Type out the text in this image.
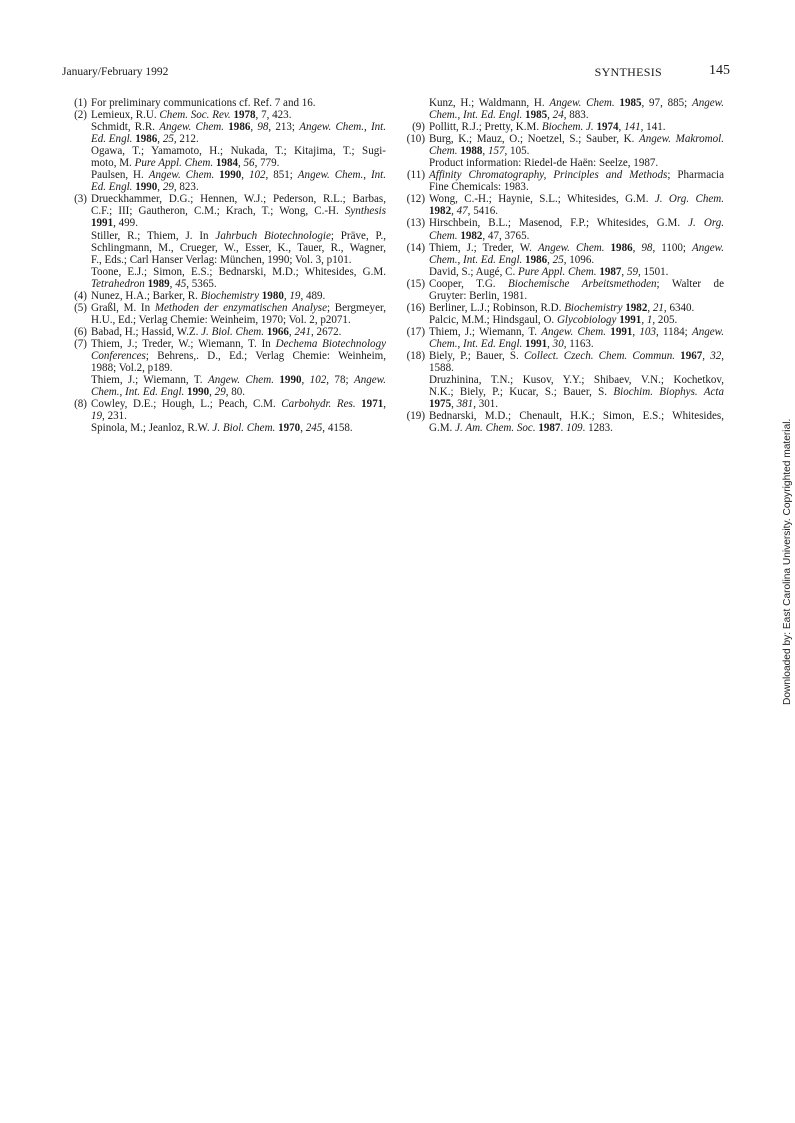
January/February 1992	SYNTHESIS	145
(1) For preliminary communications cf. Ref. 7 and 16.
(2) Lemieux, R.U. Chem. Soc. Rev. 1978, 7, 423.
Schmidt, R.R. Angew. Chem. 1986, 98, 213; Angew. Chem., Int.
Ed. Engl. 1986, 25, 212.
Ogawa, T.; Yamamoto, H.; Nukada, T.; Kitajima, T.; Sugi-
moto, M. Pure Appl. Chem. 1984, 56, 779.
Paulsen, H. Angew. Chem. 1990, 102, 851; Angew. Chem., Int.
Ed. Engl. 1990, 29, 823.
(3) Drueckhammer, D.G.; Hennen, W.J.; Pederson, R.L.; Barbas,
C.F.; III; Gautheron, C.M.; Krach, T.; Wong, C.-H. Synthesis
1991, 499.
Stiller, R.; Thiem, J. In Jahrbuch Biotechnologie; Präve, P.,
Schlingmann, M., Crueger, W., Esser, K., Tauer, R., Wagner,
F., Eds.; Carl Hanser Verlag: München, 1990; Vol. 3, p101.
Toone, E.J.; Simon, E.S.; Bednarski, M.D.; Whitesides, G.M.
Tetrahedron 1989, 45, 5365.
(4) Nunez, H.A.; Barker, R. Biochemistry 1980, 19, 489.
(5) Graßl, M. In Methoden der enzymatischen Analyse; Bergmeyer,
H.U., Ed.; Verlag Chemie: Weinheim, 1970; Vol. 2, p2071.
(6) Babad, H.; Hassid, W.Z. J. Biol. Chem. 1966, 241, 2672.
(7) Thiem, J.; Treder, W.; Wiemann, T. In Dechema Biotechnology
Conferences; Behrens,. D., Ed.; Verlag Chemie: Weinheim,
1988; Vol.2, p189.
Thiem, J.; Wiemann, T. Angew. Chem. 1990, 102, 78; Angew.
Chem., Int. Ed. Engl. 1990, 29, 80.
(8) Cowley, D.E.; Hough, L.; Peach, C.M. Carbohydr. Res. 1971,
19, 231.
Spinola, M.; Jeanloz, R.W. J. Biol. Chem. 1970, 245, 4158.
Kunz, H.; Waldmann, H. Angew. Chem. 1985, 97, 885; Angew.
Chem., Int. Ed. Engl. 1985, 24, 883.
(9) Pollitt, R.J.; Pretty, K.M. Biochem. J. 1974, 141, 141.
(10) Burg, K.; Mauz, O.; Noetzel, S.; Sauber, K. Angew. Makromol.
Chem. 1988, 157, 105.
Product information: Riedel-de Haën: Seelze, 1987.
(11) Affinity Chromatography, Principles and Methods; Pharmacia
Fine Chemicals: 1983.
(12) Wong, C.-H.; Haynie, S.L.; Whitesides, G.M. J. Org. Chem.
1982, 47, 5416.
(13) Hirschbein, B.L.; Masenod, F.P.; Whitesides, G.M. J. Org.
Chem. 1982, 47, 3765.
(14) Thiem, J.; Treder, W. Angew. Chem. 1986, 98, 1100; Angew.
Chem., Int. Ed. Engl. 1986, 25, 1096.
David, S.; Augé, C. Pure Appl. Chem. 1987, 59, 1501.
(15) Cooper, T.G. Biochemische Arbeitsmethoden; Walter de
Gruyter: Berlin, 1981.
(16) Berliner, L.J.; Robinson, R.D. Biochemistry 1982, 21, 6340.
Palcic, M.M.; Hindsgaul, O. Glycobiology 1991, 1, 205.
(17) Thiem, J.; Wiemann, T. Angew. Chem. 1991, 103, 1184; Angew.
Chem., Int. Ed. Engl. 1991, 30, 1163.
(18) Biely, P.; Bauer, S. Collect. Czech. Chem. Commun. 1967, 32,
1588.
Druzhinina, T.N.; Kusov, Y.Y.; Shibaev, V.N.; Kochetkov,
N.K.; Biely, P.; Kucar, S.; Bauer, S. Biochim. Biophys. Acta
1975, 381, 301.
(19) Bednarski, M.D.; Chenault, H.K.; Simon, E.S.; Whitesides,
G.M. J. Am. Chem. Soc. 1987. 109. 1283.	Downloaded by: East Carolina University. Copyrighted material.
